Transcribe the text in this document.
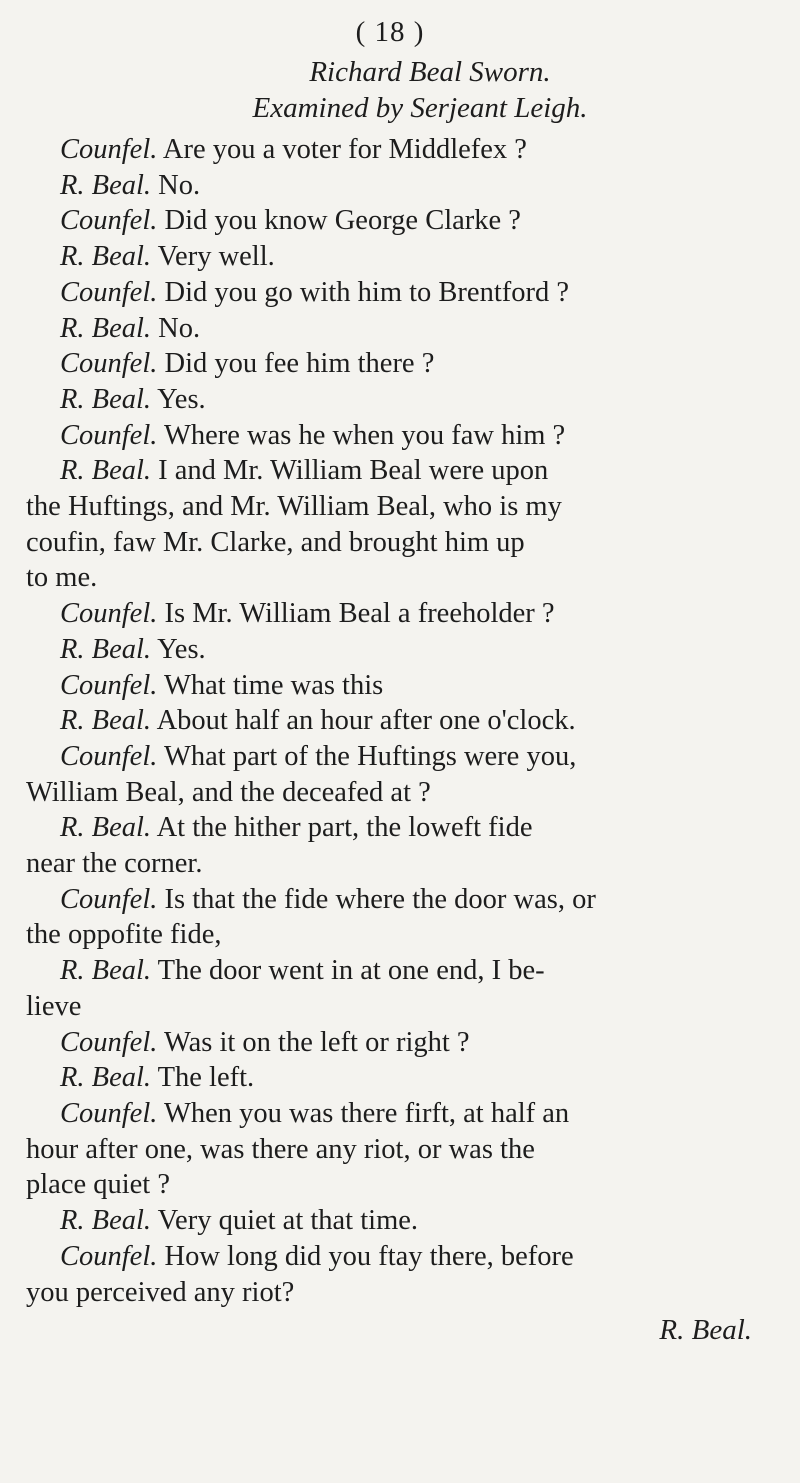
( 18 )
Richard Beal Sworn.
Examined by Serjeant Leigh.
Counfel. Are you a voter for Middlefex ?
R. Beal. No.
Counfel. Did you know George Clarke ?
R. Beal. Very well.
Counfel. Did you go with him to Brentford ?
R. Beal. No.
Counfel. Did you fee him there ?
R. Beal. Yes.
Counfel. Where was he when you faw him ?
R. Beal. I and Mr. William Beal were upon
the Huftings, and Mr. William Beal, who is my
coufin, faw Mr. Clarke, and brought him up
to me.
Counfel. Is Mr. William Beal a freeholder ?
R. Beal. Yes.
Counfel. What time was this
R. Beal. About half an hour after one o'clock.
Counfel. What part of the Huftings were you,
William Beal, and the deceafed at ?
R. Beal. At the hither part, the loweft fide
near the corner.
Counfel. Is that the fide where the door was, or
the oppofite fide,
R. Beal. The door went in at one end, I be-
lieve
Counfel. Was it on the left or right ?
R. Beal. The left.
Counfel. When you was there firft, at half an
hour after one, was there any riot, or was the
place quiet ?
R. Beal. Very quiet at that time.
Counfel. How long did you ftay there, before
you perceived any riot?
R. Beal.
